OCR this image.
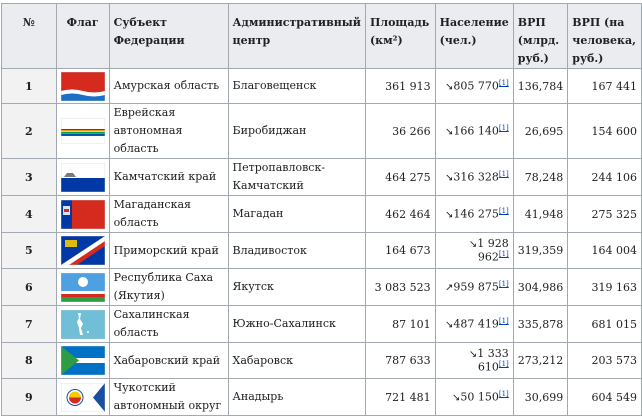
№	Флаг	Субъект Федерации	Административный центр	Площадь (км²)	Население (чел.)	ВРП (млрд. руб.)	ВРП (на человека, руб.)
1		Амурская область	Благовещенск	361 913	↘805 770[1]	136,784	167 441
2		Еврейская автономная область	Биробиджан	36 266	↘166 140[1]	26,695	154 600
3		Камчатский край	Петропавловск-Камчатский	464 275	↘316 328[1]	78,248	244 106
4		Магаданская область	Магадан	462 464	↘146 275[1]	41,948	275 325
5		Приморский край	Владивосток	164 673	↘1 928 962[1]	319,359	164 004
6		Республика Саха (Якутия)	Якутск	3 083 523	↗959 875[1]	304,986	319 163
7		Сахалинская область	Южно-Сахалинск	87 101	↘487 419[1]	335,878	681 015
8		Хабаровский край	Хабаровск	787 633	↘1 333 610[1]	273,212	203 573
9		Чукотский автономный округ	Анадырь	721 481	↘50 150[1]	30,699	604 549
